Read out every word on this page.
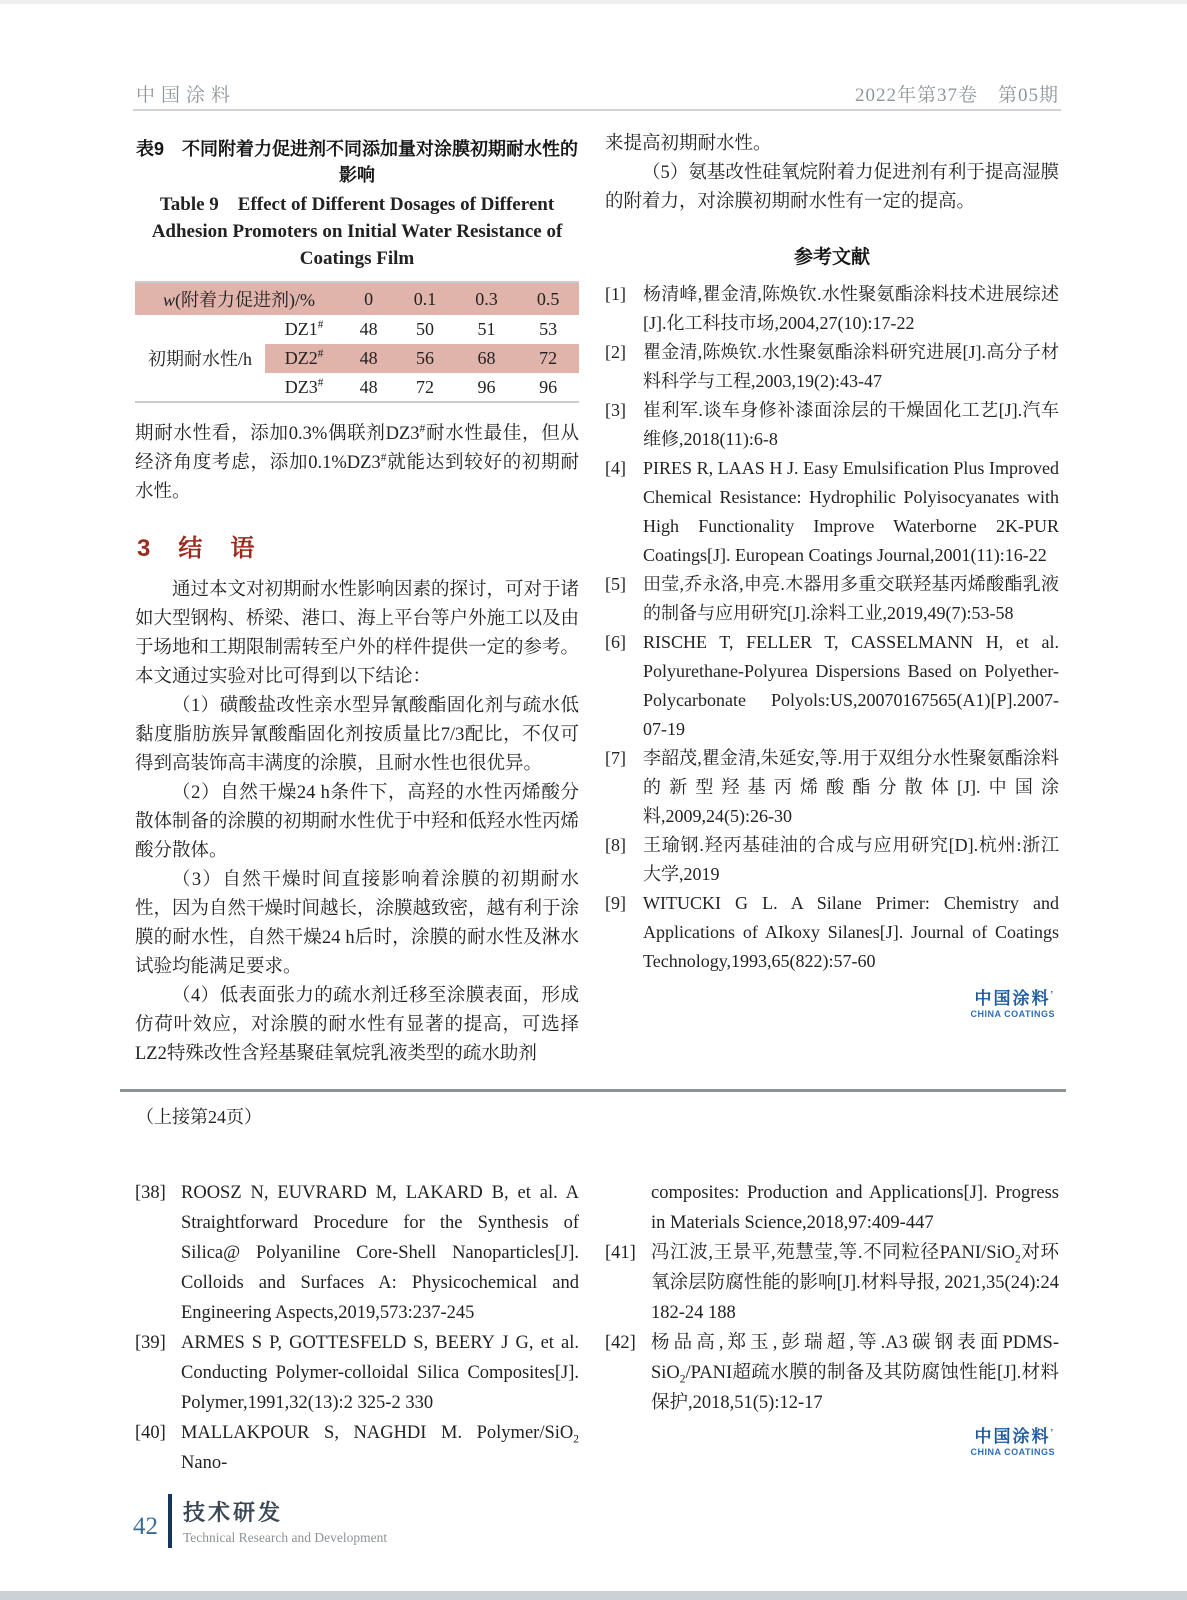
中国涂料	2022年第37卷　第05期
表9　不同附着力促进剂不同添加量对涂膜初期耐水性的影响
Table 9　Effect of Different Dosages of Different Adhesion Promoters on Initial Water Resistance of Coatings Film
w(附着力促进剂)/%		0	0.1	0.3	0.5
初期耐水性/h	DZ1#	48	50	51	53
	DZ2#	48	56	68	72
	DZ3#	48	72	96	96

期耐水性看，添加0.3%偶联剂DZ3#耐水性最佳，但从经济角度考虑，添加0.1%DZ3#就能达到较好的初期耐水性。

3　结　语

通过本文对初期耐水性影响因素的探讨，可对于诸如大型钢构、桥梁、港口、海上平台等户外施工以及由于场地和工期限制需转至户外的样件提供一定的参考。本文通过实验对比可得到以下结论：

（1）磺酸盐改性亲水型异氰酸酯固化剂与疏水低黏度脂肪族异氰酸酯固化剂按质量比7/3配比，不仅可得到高装饰高丰满度的涂膜，且耐水性也很优异。

（2）自然干燥24 h条件下，高羟的水性丙烯酸分散体制备的涂膜的初期耐水性优于中羟和低羟水性丙烯酸分散体。

（3）自然干燥时间直接影响着涂膜的初期耐水性，因为自然干燥时间越长，涂膜越致密，越有利于涂膜的耐水性，自然干燥24 h后时，涂膜的耐水性及淋水试验均能满足要求。

（4）低表面张力的疏水剂迁移至涂膜表面，形成仿荷叶效应，对涂膜的耐水性有显著的提高，可选择LZ2特殊改性含羟基聚硅氧烷乳液类型的疏水助剂

来提高初期耐水性。

（5）氨基改性硅氧烷附着力促进剂有利于提高湿膜的附着力，对涂膜初期耐水性有一定的提高。

参考文献
[1] 杨清峰,瞿金清,陈焕钦.水性聚氨酯涂料技术进展综述[J].化工科技市场,2004,27(10):17-22
[2] 瞿金清,陈焕钦.水性聚氨酯涂料研究进展[J].高分子材料科学与工程,2003,19(2):43-47
[3] 崔利军.谈车身修补漆面涂层的干燥固化工艺[J].汽车维修,2018(11):6-8
[4] PIRES R, LAAS H J. Easy Emulsification Plus Improved Chemical Resistance: Hydrophilic Polyisocyanates with High Functionality Improve Waterborne 2K-PUR Coatings[J]. European Coatings Journal,2001(11):16-22
[5] 田莹,乔永洛,申亮.木器用多重交联羟基丙烯酸酯乳液的制备与应用研究[J].涂料工业,2019,49(7):53-58
[6] RISCHE T, FELLER T, CASSELMANN H, et al. Polyurethane-Polyurea Dispersions Based on Polyether-Polycarbonate Polyols:US,20070167565(A1)[P].2007-07-19
[7] 李韶茂,瞿金清,朱延安,等.用于双组分水性聚氨酯涂料的新型羟基丙烯酸酯分散体[J].中国涂料,2009,24(5):26-30
[8] 王瑜钢.羟丙基硅油的合成与应用研究[D].杭州:浙江大学,2019
[9] WITUCKI G L. A Silane Primer: Chemistry and Applications of AIkoxy Silanes[J]. Journal of Coatings Technology,1993,65(822):57-60
中国涂料’
CHINA COATINGS
（上接第24页）
[38] ROOSZ N, EUVRARD M, LAKARD B, et al. A Straightforward Procedure for the Synthesis of Silica@ Polyaniline Core-Shell Nanoparticles[J]. Colloids and Surfaces A: Physicochemical and Engineering Aspects,2019,573:237-245
[39] ARMES S P, GOTTESFELD S, BEERY J G, et al. Conducting Polymer-colloidal Silica Composites[J]. Polymer,1991,32(13):2 325-2 330
[40] MALLAKPOUR S, NAGHDI M. Polymer/SiO$_2$ Nano-
composites: Production and Applications[J]. Progress in Materials Science,2018,97:409-447
[41] 冯江波,王景平,苑慧莹,等.不同粒径PANI/SiO$_2$对环氧涂层防腐性能的影响[J].材料导报, 2021,35(24):24 182-24 188
[42] 杨品高,郑玉,彭瑞超,等.A3碳钢表面PDMS-SiO$_2$/PANI超疏水膜的制备及其防腐蚀性能[J].材料保护,2018,51(5):12-17
中国涂料’
CHINA COATINGS
42
技术研发
Technical Research and Development
